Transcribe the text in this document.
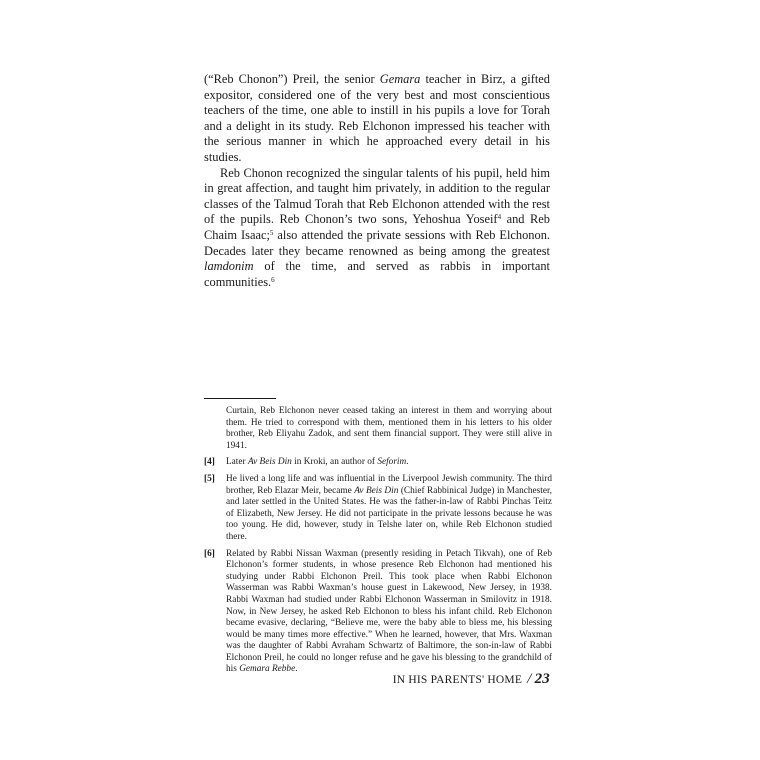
(“Reb Chonon”) Preil, the senior Gemara teacher in Birz, a gifted expositor, considered one of the very best and most conscientious teachers of the time, one able to instill in his pupils a love for Torah and a delight in its study. Reb Elchonon impressed his teacher with the serious manner in which he approached every detail in his studies.

Reb Chonon recognized the singular talents of his pupil, held him in great affection, and taught him privately, in addition to the regular classes of the Talmud Torah that Reb Elchonon attended with the rest of the pupils. Reb Chonon’s two sons, Yehoshua Yoseif$^4$ and Reb Chaim Isaac;$^5$ also attended the private sessions with Reb Elchonon. Decades later they became renowned as being among the greatest lamdonim of the time, and served as rabbis in important communities.$^6$

Curtain, Reb Elchonon never ceased taking an interest in them and worrying about them. He tried to correspond with them, mentioned them in his letters to his older brother, Reb Eliyahu Zadok, and sent them financial support. They were still alive in 1941.
[4] Later Av Beis Din in Kroki, an author of Seforim.
[5] He lived a long life and was influential in the Liverpool Jewish community. The third brother, Reb Elazar Meir, became Av Beis Din (Chief Rabbinical Judge) in Manchester, and later settled in the United States. He was the father-in-law of Rabbi Pinchas Teitz of Elizabeth, New Jersey. He did not participate in the private lessons because he was too young. He did, however, study in Telshe later on, while Reb Elchonon studied there.
[6] Related by Rabbi Nissan Waxman (presently residing in Petach Tikvah), one of Reb Elchonon’s former students, in whose presence Reb Elchonon had mentioned his studying under Rabbi Elchonon Preil. This took place when Rabbi Elchonon Wasserman was Rabbi Waxman’s house guest in Lakewood, New Jersey, in 1938. Rabbi Waxman had studied under Rabbi Elchonon Wasserman in Smilovitz in 1918. Now, in New Jersey, he asked Reb Elchonon to bless his infant child. Reb Elchonon became evasive, declaring, “Believe me, were the baby able to bless me, his blessing would be many times more effective.” When he learned, however, that Mrs. Waxman was the daughter of Rabbi Avraham Schwartz of Baltimore, the son-in-law of Rabbi Elchonon Preil, he could no longer refuse and he gave his blessing to the grandchild of his Gemara Rebbe.
IN HIS PARENTS' HOME / 23
